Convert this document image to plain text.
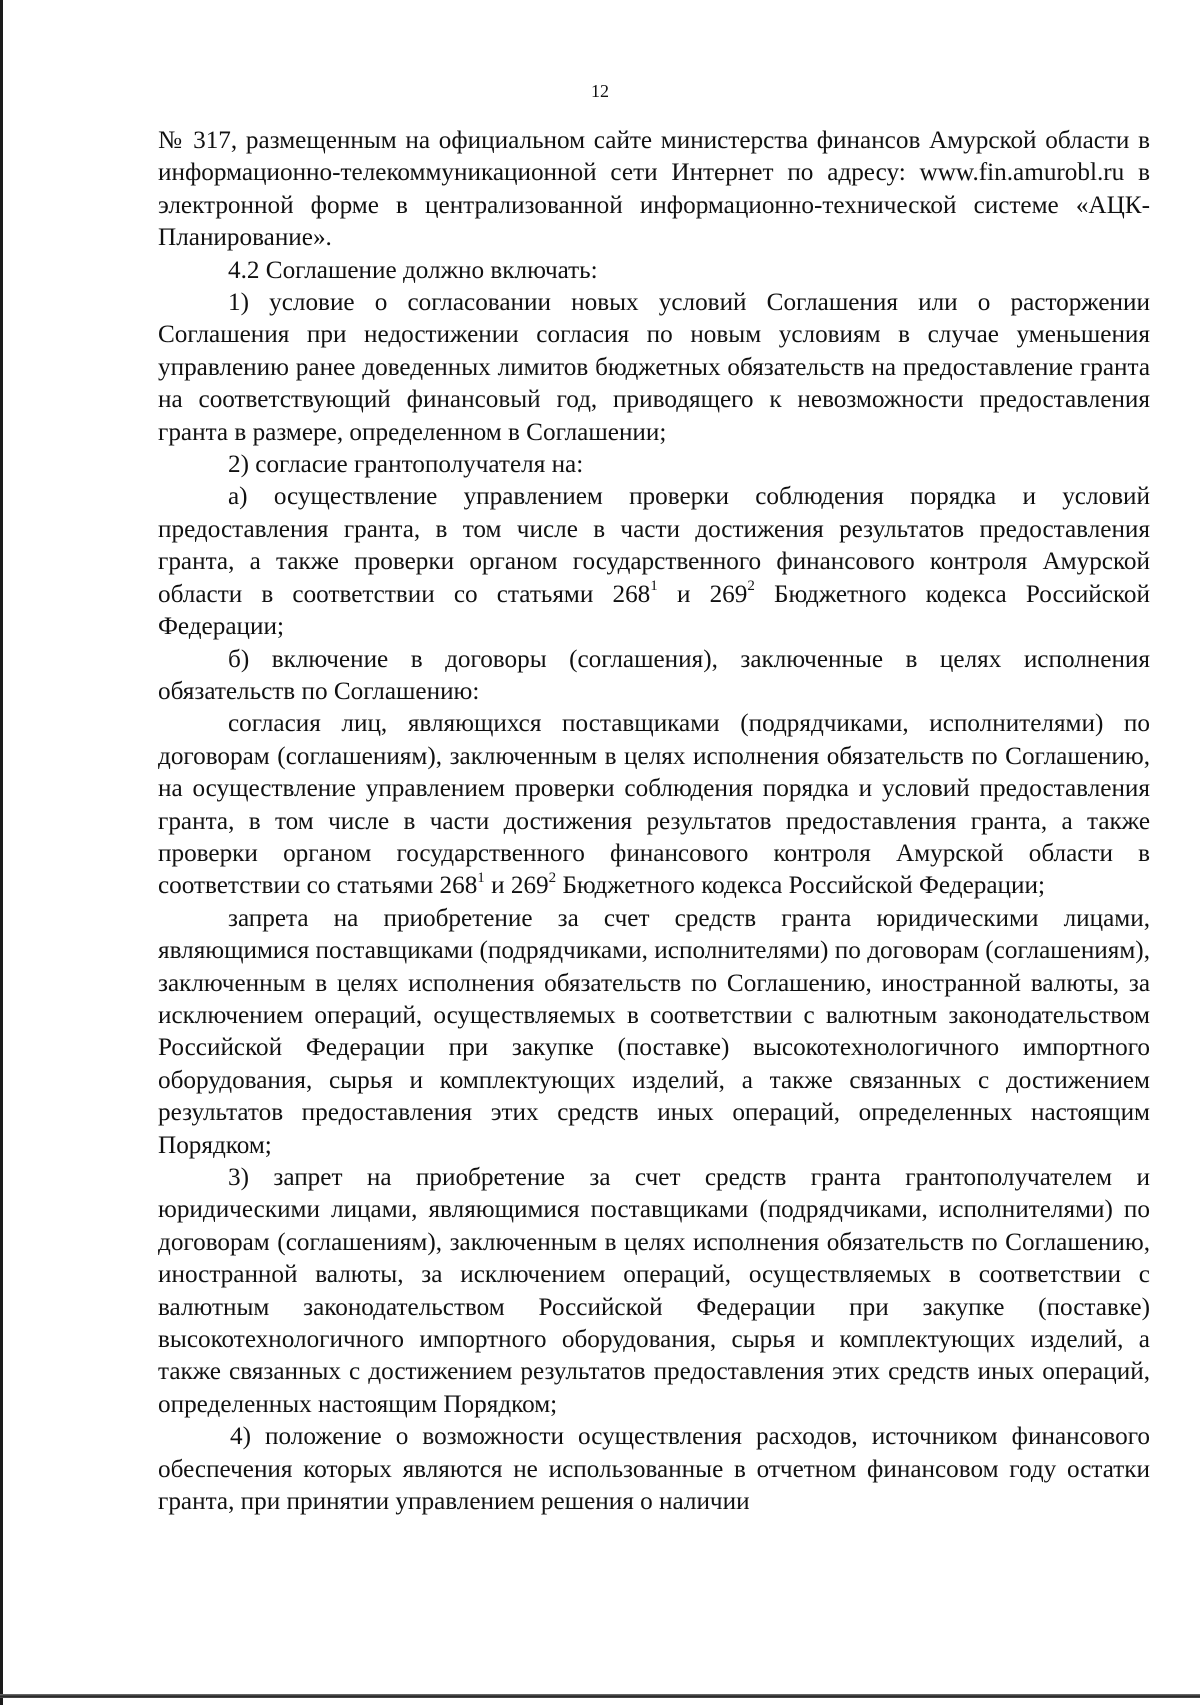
12

№ 317, размещенным на официальном сайте министерства финансов Амурской области в информационно-телекоммуникационной сети Интернет по адресу: www.fin.amurobl.ru в электронной форме в централизованной информационно-технической системе «АЦК-Планирование».

4.2 Соглашение должно включать:

1) условие о согласовании новых условий Соглашения или о расторжении Соглашения при недостижении согласия по новым условиям в случае уменьшения управлению ранее доведенных лимитов бюджетных обязательств на предоставление гранта на соответствующий финансовый год, приводящего к невозможности предоставления гранта в размере, определенном в Соглашении;

2) согласие грантополучателя на:

а) осуществление управлением проверки соблюдения порядка и условий предоставления гранта, в том числе в части достижения результатов предоставления гранта, а также проверки органом государственного финансового контроля Амурской области в соответствии со статьями $268^1$ и $269^2$ Бюджетного кодекса Российской Федерации;

б) включение в договоры (соглашения), заключенные в целях исполнения обязательств по Соглашению:

согласия лиц, являющихся поставщиками (подрядчиками, исполнителями) по договорам (соглашениям), заключенным в целях исполнения обязательств по Соглашению, на осуществление управлением проверки соблюдения порядка и условий предоставления гранта, в том числе в части достижения результатов предоставления гранта, а также проверки органом государственного финансового контроля Амурской области в соответствии со статьями $268^1$ и $269^2$ Бюджетного кодекса Российской Федерации;

запрета на приобретение за счет средств гранта юридическими лицами, являющимися поставщиками (подрядчиками, исполнителями) по договорам (соглашениям), заключенным в целях исполнения обязательств по Соглашению, иностранной валюты, за исключением операций, осуществляемых в соответствии с валютным законодательством Российской Федерации при закупке (поставке) высокотехнологичного импортного оборудования, сырья и комплектующих изделий, а также связанных с достижением результатов предоставления этих средств иных операций, определенных настоящим Порядком;

3) запрет на приобретение за счет средств гранта грантополучателем и юридическими лицами, являющимися поставщиками (подрядчиками, исполнителями) по договорам (соглашениям), заключенным в целях исполнения обязательств по Соглашению, иностранной валюты, за исключением операций, осуществляемых в соответствии с валютным законодательством Российской Федерации при закупке (поставке) высокотехнологичного импортного оборудования, сырья и комплектующих изделий, а также связанных с достижением результатов предоставления этих средств иных операций, определенных настоящим Порядком;

4) положение о возможности осуществления расходов, источником финансового обеспечения которых являются не использованные в отчетном финансовом году остатки гранта, при принятии управлением решения о наличии
